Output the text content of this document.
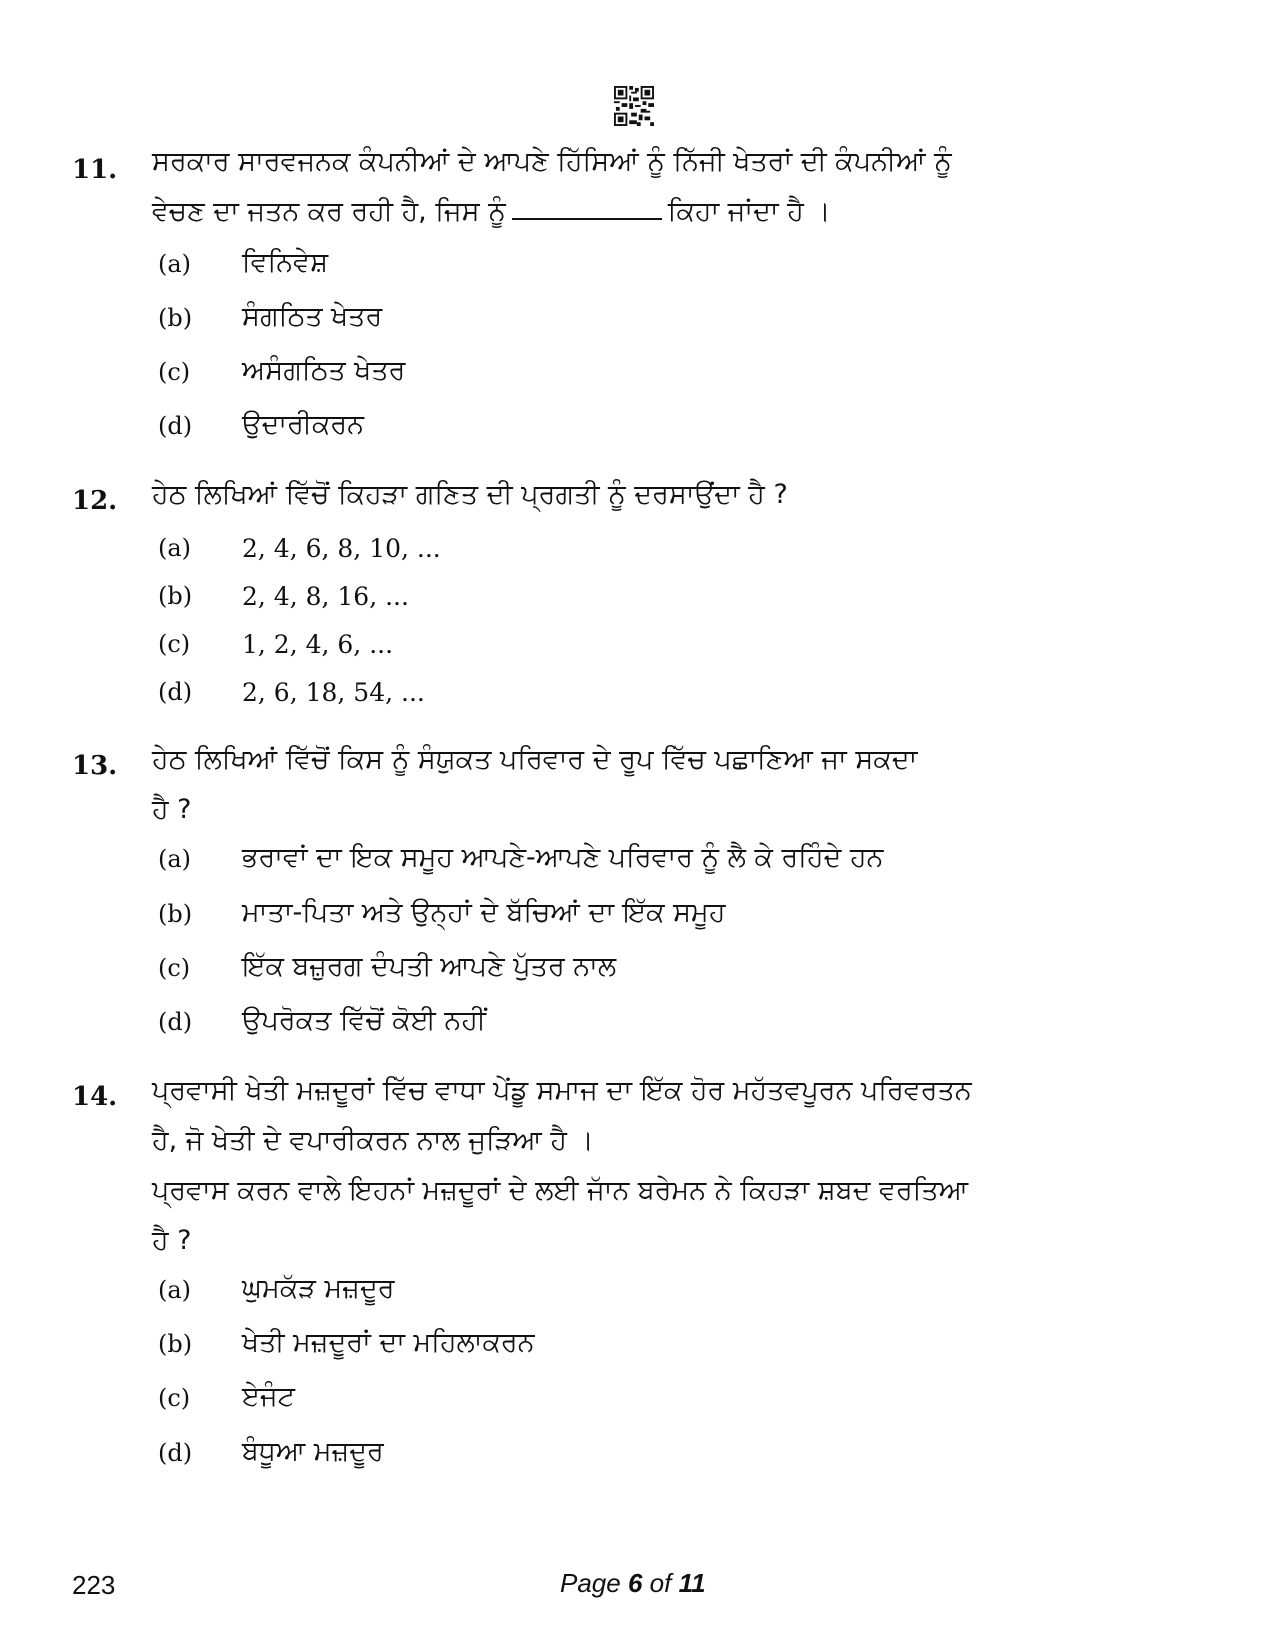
11. ਸਰਕਾਰ ਸਾਰਵਜਨਕ ਕੰਪਨੀਆਂ ਦੇ ਆਪਣੇ ਹਿੱਸਿਆਂ ਨੂੰ ਨਿੱਜੀ ਖੇਤਰਾਂ ਦੀ ਕੰਪਨੀਆਂ ਨੂੰ
ਵੇਚਣ ਦਾ ਜਤਨ ਕਰ ਰਹੀ ਹੈ, ਜਿਸ ਨੂੰ	ਕਿਹਾ ਜਾਂਦਾ ਹੈ ।
(a) ਵਿਨਿਵੇਸ਼
(b) ਸੰਗਠਿਤ ਖੇਤਰ
(c) ਅਸੰਗਠਿਤ ਖੇਤਰ
(d) ਉਦਾਰੀਕਰਨ
12. ਹੇਠ ਲਿਖਿਆਂ ਵਿੱਚੋਂ ਕਿਹੜਾ ਗਣਿਤ ਦੀ ਪ੍ਰਗਤੀ ਨੂੰ ਦਰਸਾਉਂਦਾ ਹੈ ?
(a) 2, 4, 6, 8, 10, ...
(b) 2, 4, 8, 16, ...
(c) 1, 2, 4, 6, ...
(d) 2, 6, 18, 54, ...
13. ਹੇਠ ਲਿਖਿਆਂ ਵਿੱਚੋਂ ਕਿਸ ਨੂੰ ਸੰਯੁਕਤ ਪਰਿਵਾਰ ਦੇ ਰੂਪ ਵਿੱਚ ਪਛਾਣਿਆ ਜਾ ਸਕਦਾ
ਹੈ ?
(a) ਭਰਾਵਾਂ ਦਾ ਇਕ ਸਮੂਹ ਆਪਣੇ-ਆਪਣੇ ਪਰਿਵਾਰ ਨੂੰ ਲੈ ਕੇ ਰਹਿੰਦੇ ਹਨ
(b) ਮਾਤਾ-ਪਿਤਾ ਅਤੇ ਉਨ੍ਹਾਂ ਦੇ ਬੱਚਿਆਂ ਦਾ ਇੱਕ ਸਮੂਹ
(c) ਇੱਕ ਬਜ਼ੁਰਗ ਦੰਪਤੀ ਆਪਣੇ ਪੁੱਤਰ ਨਾਲ
(d) ਉਪਰੋਕਤ ਵਿੱਚੋਂ ਕੋਈ ਨਹੀਂ
14. ਪ੍ਰਵਾਸੀ ਖੇਤੀ ਮਜ਼ਦੂਰਾਂ ਵਿੱਚ ਵਾਧਾ ਪੇਂਡੂ ਸਮਾਜ ਦਾ ਇੱਕ ਹੋਰ ਮਹੱਤਵਪੂਰਨ ਪਰਿਵਰਤਨ
ਹੈ, ਜੋ ਖੇਤੀ ਦੇ ਵਪਾਰੀਕਰਨ ਨਾਲ ਜੁੜਿਆ ਹੈ ।
ਪ੍ਰਵਾਸ ਕਰਨ ਵਾਲੇ ਇਹਨਾਂ ਮਜ਼ਦੂਰਾਂ ਦੇ ਲਈ ਜਾੱਨ ਬਰੇਮਨ ਨੇ ਕਿਹੜਾ ਸ਼ਬਦ ਵਰਤਿਆ
ਹੈ ?
(a) ਘੁਮਕੱੜ ਮਜ਼ਦੂਰ
(b) ਖੇਤੀ ਮਜ਼ਦੂਰਾਂ ਦਾ ਮਹਿਲਾਕਰਨ
(c) ਏਜੰਟ
(d) ਬੰਧੂਆ ਮਜ਼ਦੂਰ
223	Page 6 of 11
